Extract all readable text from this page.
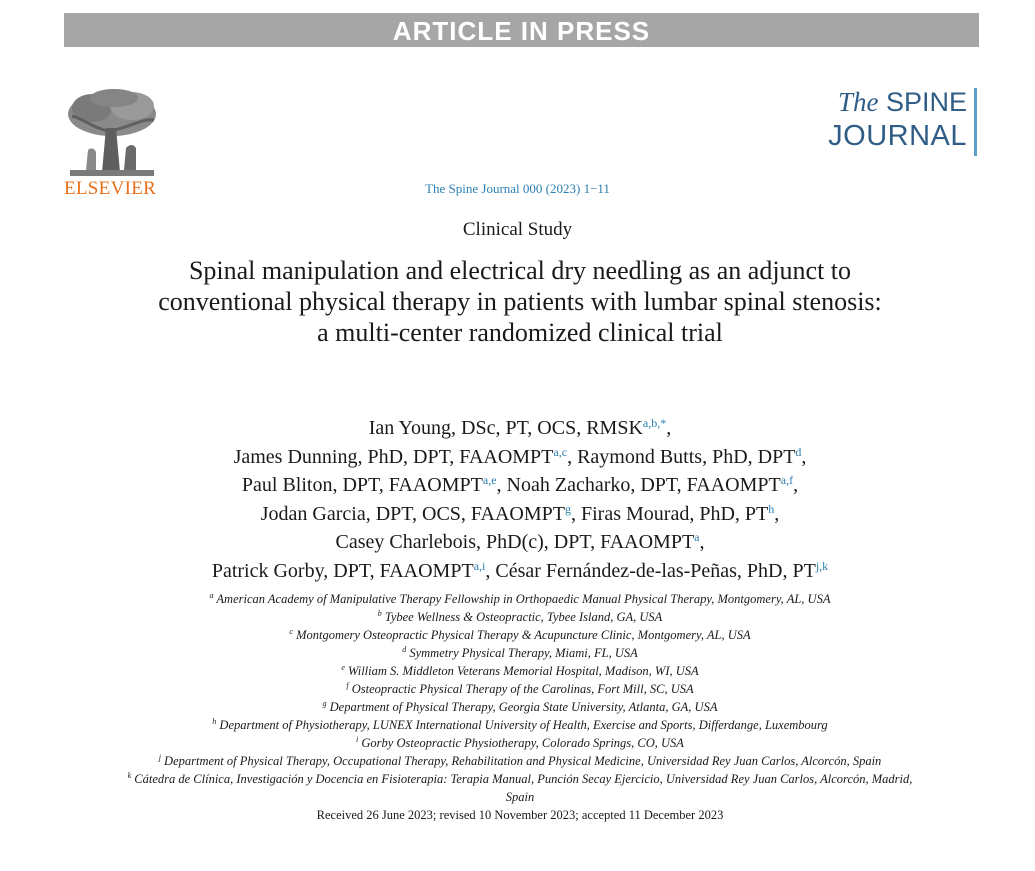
ARTICLE IN PRESS
ELSEVIER
The SPINE
JOURNAL
The Spine Journal 000 (2023) 1−11
Clinical Study
Spinal manipulation and electrical dry needling as an adjunct to conventional physical therapy in patients with lumbar spinal stenosis: a multi-center randomized clinical trial
Ian Young, DSc, PT, OCS, $RMSK^{a,b,*}$,
James Dunning, PhD, DPT, FAAOMPT$^{a,c}$, Raymond Butts, PhD, DPT$^d$,
Paul Bliton, DPT, FAAOMPT$^{a,e}$, Noah Zacharko, DPT, FAAOMPT$^{a,f}$,
Jodan Garcia, DPT, OCS, FAAOMPT$^g$, Firas Mourad, PhD, $PT^h$,
Casey Charlebois, PhD(c), DPT, FAAOMPT$^a$,
Patrick Gorby, DPT, FAAOMPT$^{a,i}$, César Fernández-de-las-Peñas, PhD, PT$^{j,k}$
$^a$ American Academy of Manipulative Therapy Fellowship in Orthopaedic Manual Physical Therapy, Montgomery, AL, USA
$^b$ Tybee Wellness & Osteopractic, Tybee Island, GA, USA
$^c$ Montgomery Osteopractic Physical Therapy & Acupuncture Clinic, Montgomery, AL, USA
$^d$ Symmetry Physical Therapy, Miami, FL, USA
$^e$ William S. Middleton Veterans Memorial Hospital, Madison, WI, USA
$^f$ Osteopractic Physical Therapy of the Carolinas, Fort Mill, SC, USA
$^g$ Department of Physical Therapy, Georgia State University, Atlanta, GA, USA
$^h$ Department of Physiotherapy, LUNEX International University of Health, Exercise and Sports, Differdange, Luxembourg
$^i$ Gorby Osteopractic Physiotherapy, Colorado Springs, CO, USA
$^j$ Department of Physical Therapy, Occupational Therapy, Rehabilitation and Physical Medicine, Universidad Rey Juan Carlos, Alcorcón, Spain
$^k$ Cátedra de Clínica, Investigación y Docencia en Fisioterapia: Terapia Manual, Punción Secay Ejercicio, Universidad Rey Juan Carlos, Alcorcón, Madrid, Spain
Received 26 June 2023; revised 10 November 2023; accepted 11 December 2023
